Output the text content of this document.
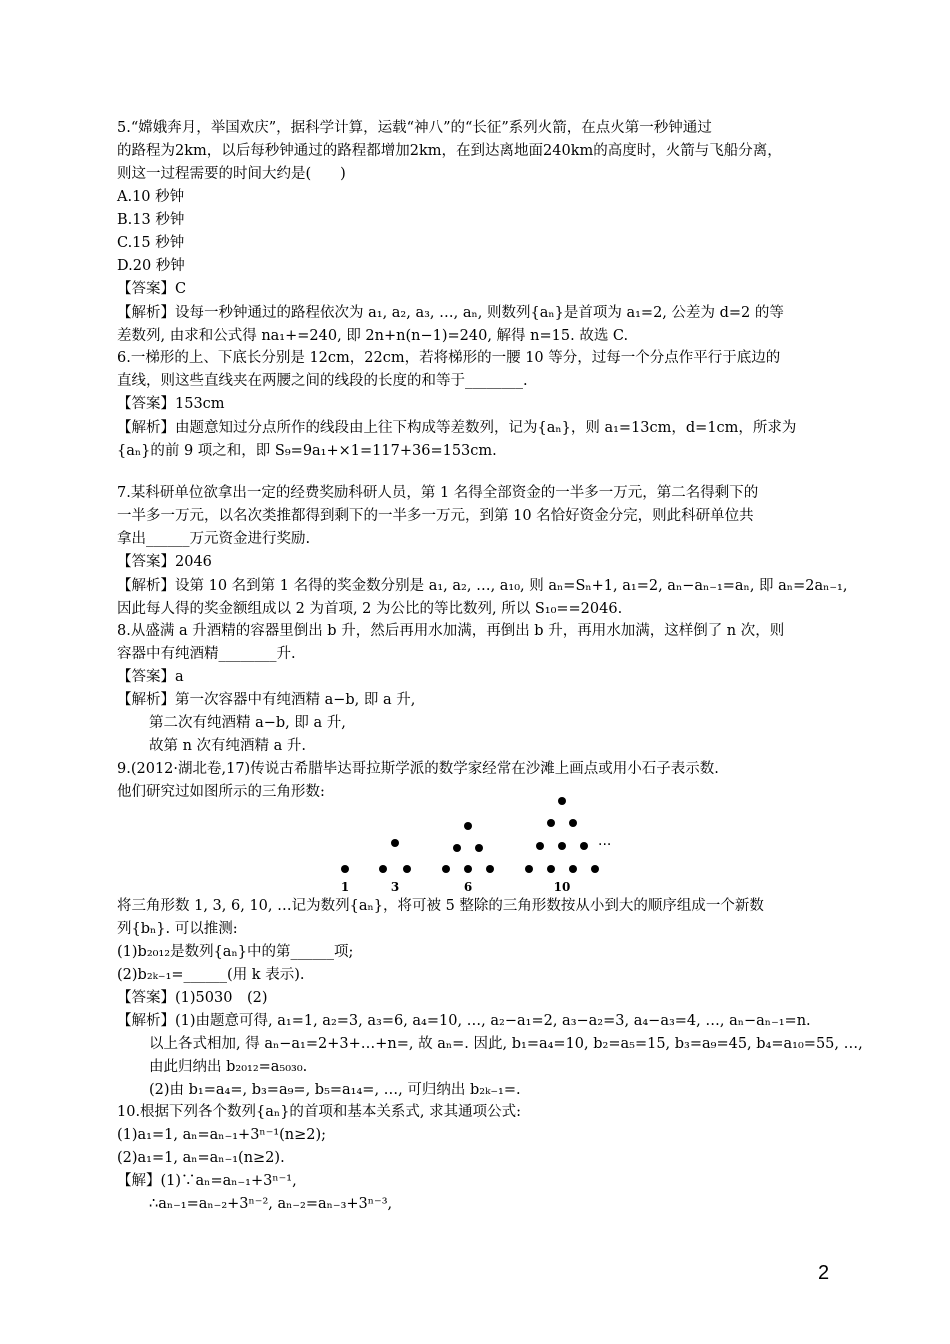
5.“嫦娥奔月，举国欢庆”，据科学计算，运载“神八”的“长征”系列火箭，在点火第一秒钟通过
的路程为2km，以后每秒钟通过的路程都增加2km，在到达离地面240km的高度时，火箭与飞船分离，
则这一过程需要的时间大约是(　　)
A.10 秒钟
B.13 秒钟
C.15 秒钟
D.20 秒钟
【答案】C
【解析】设每一秒钟通过的路程依次为 a₁, a₂, a₃, …, aₙ, 则数列{aₙ}是首项为 a₁=2, 公差为 d=2 的等
差数列, 由求和公式得 na₁+=240, 即 2n+n(n−1)=240, 解得 n=15. 故选 C.
6.一梯形的上、下底长分别是 12cm，22cm，若将梯形的一腰 10 等分，过每一个分点作平行于底边的
直线，则这些直线夹在两腰之间的线段的长度的和等于________.
【答案】153cm
【解析】由题意知过分点所作的线段由上往下构成等差数列，记为{aₙ}，则 a₁=13cm，d=1cm，所求为
{aₙ}的前 9 项之和，即 S₉=9a₁+×1=117+36=153cm.
7.某科研单位欲拿出一定的经费奖励科研人员，第 1 名得全部资金的一半多一万元，第二名得剩下的
一半多一万元，以名次类推都得到剩下的一半多一万元，到第 10 名恰好资金分完，则此科研单位共
拿出______万元资金进行奖励.
【答案】2046
【解析】设第 10 名到第 1 名得的奖金数分别是 a₁, a₂, …, a₁₀, 则 aₙ=Sₙ+1, a₁=2, aₙ−aₙ₋₁=aₙ, 即 aₙ=2aₙ₋₁,
因此每人得的奖金额组成以 2 为首项, 2 为公比的等比数列, 所以 S₁₀==2046.
8.从盛满 a 升酒精的容器里倒出 b 升，然后再用水加满，再倒出 b 升，再用水加满，这样倒了 n 次，则
容器中有纯酒精________升.
【答案】a
【解析】第一次容器中有纯酒精 a−b, 即 a 升,
第二次有纯酒精 a−b, 即 a 升,
故第 n 次有纯酒精 a 升.
9.(2012·湖北卷,17)传说古希腊毕达哥拉斯学派的数学家经常在沙滩上画点或用小石子表示数.
他们研究过如图所示的三角形数:
···
1	3	6	10
将三角形数 1, 3, 6, 10, …记为数列{aₙ}，将可被 5 整除的三角形数按从小到大的顺序组成一个新数
列{bₙ}. 可以推测:
(1)b₂₀₁₂是数列{aₙ}中的第______项;
(2)b₂ₖ₋₁=______(用 k 表示).
【答案】(1)5030　(2)
【解析】(1)由题意可得, a₁=1, a₂=3, a₃=6, a₄=10, …, a₂−a₁=2, a₃−a₂=3, a₄−a₃=4, …, aₙ−aₙ₋₁=n.
以上各式相加, 得 aₙ−a₁=2+3+…+n=, 故 aₙ=. 因此, b₁=a₄=10, b₂=a₅=15, b₃=a₉=45, b₄=a₁₀=55, …,
由此归纳出 b₂₀₁₂=a₅₀₃₀.
(2)由 b₁=a₄=, b₃=a₉=, b₅=a₁₄=, …, 可归纳出 b₂ₖ₋₁=.
10.根据下列各个数列{aₙ}的首项和基本关系式, 求其通项公式:
(1)a₁=1, aₙ=aₙ₋₁+3ⁿ⁻¹(n≥2);
(2)a₁=1, aₙ=aₙ₋₁(n≥2).
【解】(1)∵aₙ=aₙ₋₁+3ⁿ⁻¹,
∴aₙ₋₁=aₙ₋₂+3ⁿ⁻², aₙ₋₂=aₙ₋₃+3ⁿ⁻³,
2
